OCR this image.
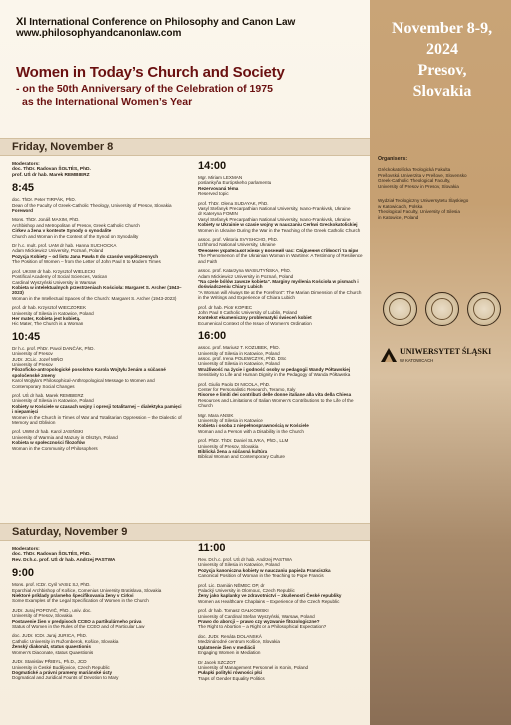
XI International Conference on Philosophy and Canon Law
www.philosophyandcanonlaw.com
Women in Today’s Church and Society
- on the 50th Anniversary of the Celebration of 1975
as the International Women’s Year
Friday, November 8
Moderators:
doc. ThDr. Radovan ŠOLTÉS, PhD.
prof. UŚ dr hab. Marek REMBIERZ
8:45
doc. ThDr. Peter TIRPÁK, PhD.
Dean of the Faculty of Greek-Catholic Theology, University of Presov, Slovakia
Foreword
Mons. ThDr. Jonáš MAXIM, PhD.
Archbishop and Metropolitan of Presov, Greek Catholic Church
Cirkev a žena v kontexte Synody o synodalite
Church and Woman in the Context of the Synod on Synodality
Dr h.c. mult. prof. UAM dr hab. Hanna SUCHOCKA
Adam Mickiewicz University, Poznań, Poland
Pozycja Kobiety – od listu Jana Pawła II do czasów współczesnych
The Position of Women – from the Letter of John Paul II to Modern Times
prof. UKSW dr hab. Krzysztof WIELECKI
Pontifical Academy of Social Sciences, Vatican
Cardinal Wyszyński University in Warsaw
Kobieta w intelektualnych przestrzeniach Kościoła: Margaret S. Archer (1943–2023)
Woman in the Intellectual Spaces of the Church: Margaret S. Archer (1943-2023)
prof. dr hab. Krzysztof WIECZOREK
University of Silesia in Katowice, Poland
Her mater, Kobieta jest kobietą.
Hic Mater, The Church is a Woman
10:45
Dr h.c. prof. PhDr. Pavol DANČÁK, PhD.
University of Presov
JUDr. JCLic. Jozef MIŇO
University of Presov
Filozoficko-antropologické posolstvo Karola Wojtyłu ženám a súčasné spoločenské zmeny
Karol Wojtyła's Philosophical-Anthropological Message to Women and Contemporary Social Changes
prof. UŚ dr hab. Marek REMBIERZ
University of Silesia in Katowice, Poland
Kobiety w Kościele w czasach wojny i opresji totalitarnej – dialektyka pamięci i niepamięci
Women in the Church in Times of War and Totalitarian Oppression – the Dialectic of Memory and Oblivion
prof. UWM dr hab. Karol JASIŃSKI
University of Warmia and Mazury in Olsztyn, Poland
Kobieta w społeczności filozofów
Woman in the Community of Philosophers
14:00
Mgr. Miriam LEXMAN
poslankyňa Európskeho parlamentu
Rezervovaná téma
Reserved topic
prof. ThDr. Olena SUDAYAK, PhD.
Vasyl Stefanyk Precarpathian National University, Ivano-Frankivsk, Ukraine
dr Kateryna FOMIN
Vasyl Stefanyk Precarpathian National University, Ivano-Frankivsk, Ukraine
Kobiety w Ukrainie w czasie wojny w nauczaniu Cerkwi Greckokatolickiej
Women in Ukraine During the War in the Teaching of the Greek Catholic Church
assoc. prof. Viktoria SVYSHCHO, PhD.
Uzhhorod National University, Ukraine
Феномен української жінки у воєнний час: Свідчення стійкості та віри
The Phenomenon of the Ukrainian Woman in Wartime: A Testimony of Resilience and Faith
assoc. prof. Katarzyna WASIUTYŃSKA, PhD.
Adam Mickiewicz University in Poznań, Poland
"Na czele bólów zawsze kobieta". Marginy myślenia Kościoła w pismach i doświadczeniu Chiary Lubich
"A Woman will Always Be at the Forefront": The Marian Dimension of the Church in the Writings and Experience of Chiara Lubich
prof. dr hab. Piotr KOPIEC
John Paul II Catholic University of Lublin, Poland
Kontekst ekumeniczny problematyki świeceń kobiet
Ecumenical Context of the Issue of Women's Ordination
16:00
assoc. prof. Mariusz T. KOZUBEK, PhD.
University of Silesia in Katowice, Poland
assoc. prof. Irena POLEWCZYK, PhD. DSc
University of Silesia in Katowice, Poland
Wrażliwość na życie i godność osoby w pedagogii Wandy Półtawskiej
Sensitivity to Life and Human Dignity in the Pedagogy of Wanda Półtawska
prof. Giulio Paolo DI NICOLA, PhD.
Center for Personalistic Research, Teramo, Italy
Risorse e limiti dei contributi delle donne italiane alla vita della Chiesa
Resources and Limitations of Italian Women's Contributions to the Life of the Church
Mgr. Mara ANSIK
University of Silesia in Katowice
Kobieta i osoba z niepełnosprawnością w Kościele
Woman and a Person with a Disability in the Church
prof. PhDr. ThDr. Daniel SLIVKA, PhD., LLM
University of Presov, Slovakia
Biblická žena a súčasná kultúra
Biblical Woman and Contemporary Culture
Saturday, November 9
Moderators:
doc. ThDr. Radovan ŠOLTÉS, PhD.
Rev. Dr.h.c. prof. UŚ dr hab. Andrzej PASTWA
9:00
Mons. prof. ICDr. Cyril VASIĽ SJ, PhD.
Eparchial Archbishop of Košice, Comenius University Bratislava, Slovakia
Niektoré príklady právneho špecifikovania ženy v Cirkvi
Some Examples of the Legal Specification of Women in the Church
JUDr. Juraj POPOVIČ, PhD., univ. doc.
University of Presov, Slovakia
Postavenie žien v predpisoch CCEO a partikulárneho práva
Status of Women in the Rules of the CCEO and of Particular Law
doc. JUDr. ICDr. Juraj JURICA, PhD.
Catholic University in Ružomberok, Košice, Slovakia
Ženský diakonát, status quaestionis
Women's Diaconate, status Quaestionis
JUDr. Stanislav PŘIBYL, Ph.D., JCD
University in České Budějovice, Czech Republic
Dogmatické a právní prameny mariánské úcty
Dogmatical and Juridical Founts of Devotion to Mary
11:00
Rev. Dr.h.c. prof. UŚ dr hab. Andrzej PASTWA
University of Silesia in Katowice, Poland
Pozycja kanoniczna kobiety w nauczaniu papieża Franciszka
Canonical Position of Woman in the Teaching to Pope Francis
prof. Lic. Damián NĚMEC OP, dr
Palacký University in Olomouc, Czech Republic
Ženy jako kaplanky ve zdravotnictví – zkušenosti České republiky
Women as Healthcare Chaplains – Experience of the Czech Republic
prof. dr hab. Tomasz GAŁKOWSKI
University of Cardinal Stefan Wyszyński, Warsaw, Poland
Prawo do aborcji – prawo czy wyzwanie fitozologiczne?
The Right to Abortion – a Right or a Philosophical Expectation?
doc. JUDr. Renáta DOLANSKÁ
Medzinárodné centrum Košice, Slovakia
Uplatnenie žien v mediácii
Engaging Women in Mediation
Dr Jacek SZCZOT
University of Management Personnel in Konin, Poland
Pułapki polityki równości płci
Traps of Gender Equality Politics
November 8-9,
2024
Presov,
Slovakia
Organisers:
Gréckokatolícka Teologická Fakulta
Prešovská Univerzita v Prešove, Slovensko
Greek-Catholic Theological Faculty,
University of Presov in Presov, Slovakia
Wydział Teologiczny Uniwersytetu Śląskiego
w Katowicach, Polska
Theological Faculty, University of Silesia
in Katowice, Poland
UNIWERSYTET ŚLĄSKI
W KATOWICACH
